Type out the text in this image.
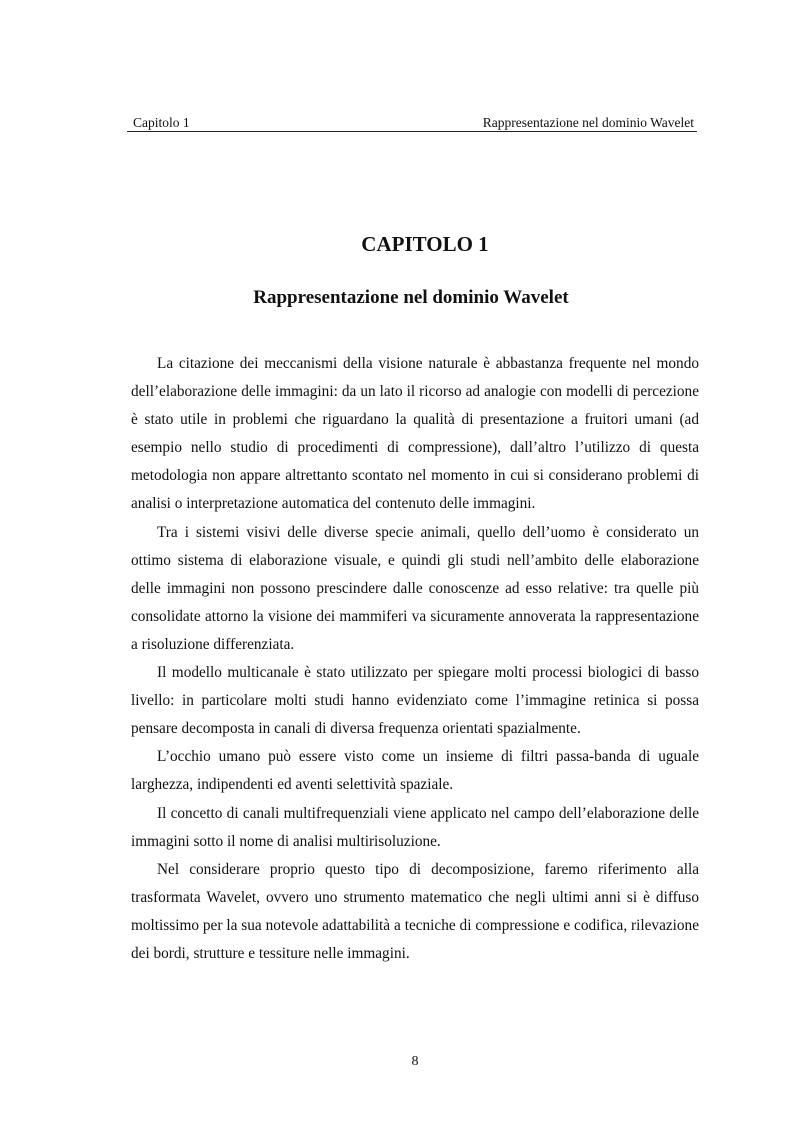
Capitolo 1	Rappresentazione nel dominio Wavelet
CAPITOLO 1
Rappresentazione nel dominio Wavelet

La citazione dei meccanismi della visione naturale è abbastanza frequente nel mondo dell’elaborazione delle immagini: da un lato il ricorso ad analogie con modelli di percezione è stato utile in problemi che riguardano la qualità di presentazione a fruitori umani (ad esempio nello studio di procedimenti di compressione), dall’altro l’utilizzo di questa metodologia non appare altrettanto scontato nel momento in cui si considerano problemi di analisi o interpretazione automatica del contenuto delle immagini.

Tra i sistemi visivi delle diverse specie animali, quello dell’uomo è considerato un ottimo sistema di elaborazione visuale, e quindi gli studi nell’ambito delle elaborazione delle immagini non possono prescindere dalle conoscenze ad esso relative: tra quelle più consolidate attorno la visione dei mammiferi va sicuramente annoverata la rappresentazione a risoluzione differenziata.

Il modello multicanale è stato utilizzato per spiegare molti processi biologici di basso livello: in particolare molti studi hanno evidenziato come l’immagine retinica si possa pensare decomposta in canali di diversa frequenza orientati spazialmente.

L’occhio umano può essere visto come un insieme di filtri passa-banda di uguale larghezza, indipendenti ed aventi selettività spaziale.

Il concetto di canali multifrequenziali viene applicato nel campo dell’elaborazione delle immagini sotto il nome di analisi multirisoluzione.

Nel considerare proprio questo tipo di decomposizione, faremo riferimento alla trasformata Wavelet, ovvero uno strumento matematico che negli ultimi anni si è diffuso moltissimo per la sua notevole adattabilità a tecniche di compressione e codifica, rilevazione dei bordi, strutture e tessiture nelle immagini.

8
